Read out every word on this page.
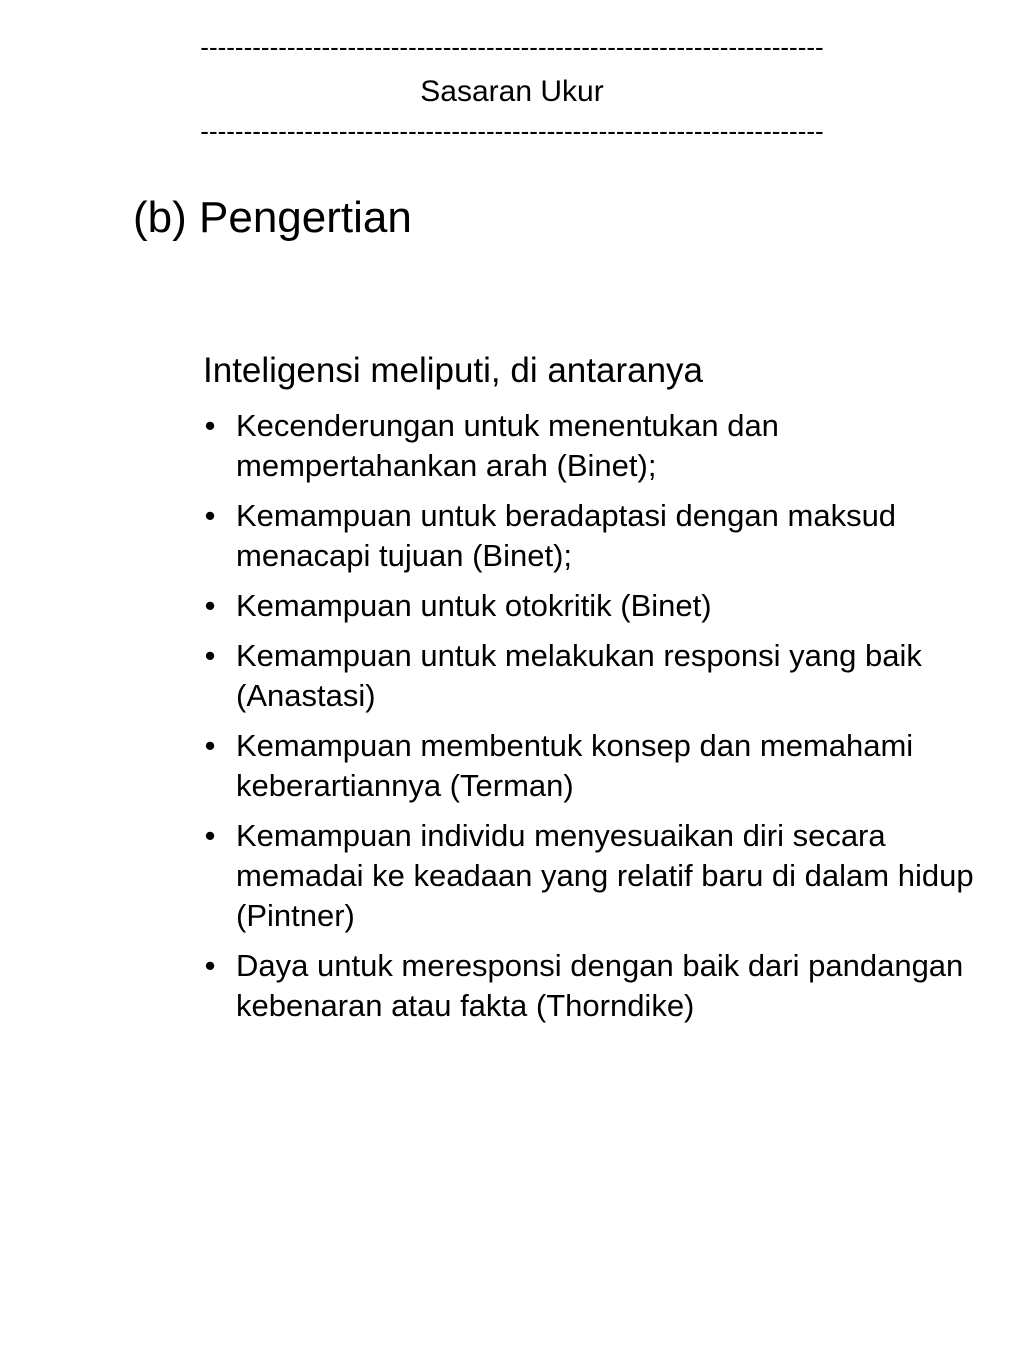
------------------------------------------------------------------------
Sasaran Ukur
------------------------------------------------------------------------
(b) Pengertian
Inteligensi meliputi, di antaranya
• Kecenderungan untuk menentukan dan mempertahankan arah (Binet);
• Kemampuan untuk beradaptasi dengan maksud menacapi tujuan (Binet);
• Kemampuan untuk otokritik (Binet)
• Kemampuan untuk melakukan responsi yang baik (Anastasi)
• Kemampuan membentuk konsep dan memahami keberartiannya (Terman)
• Kemampuan individu menyesuaikan diri secara memadai ke keadaan yang relatif baru di dalam hidup (Pintner)
• Daya untuk meresponsi dengan baik dari pandangan kebenaran atau fakta (Thorndike)
